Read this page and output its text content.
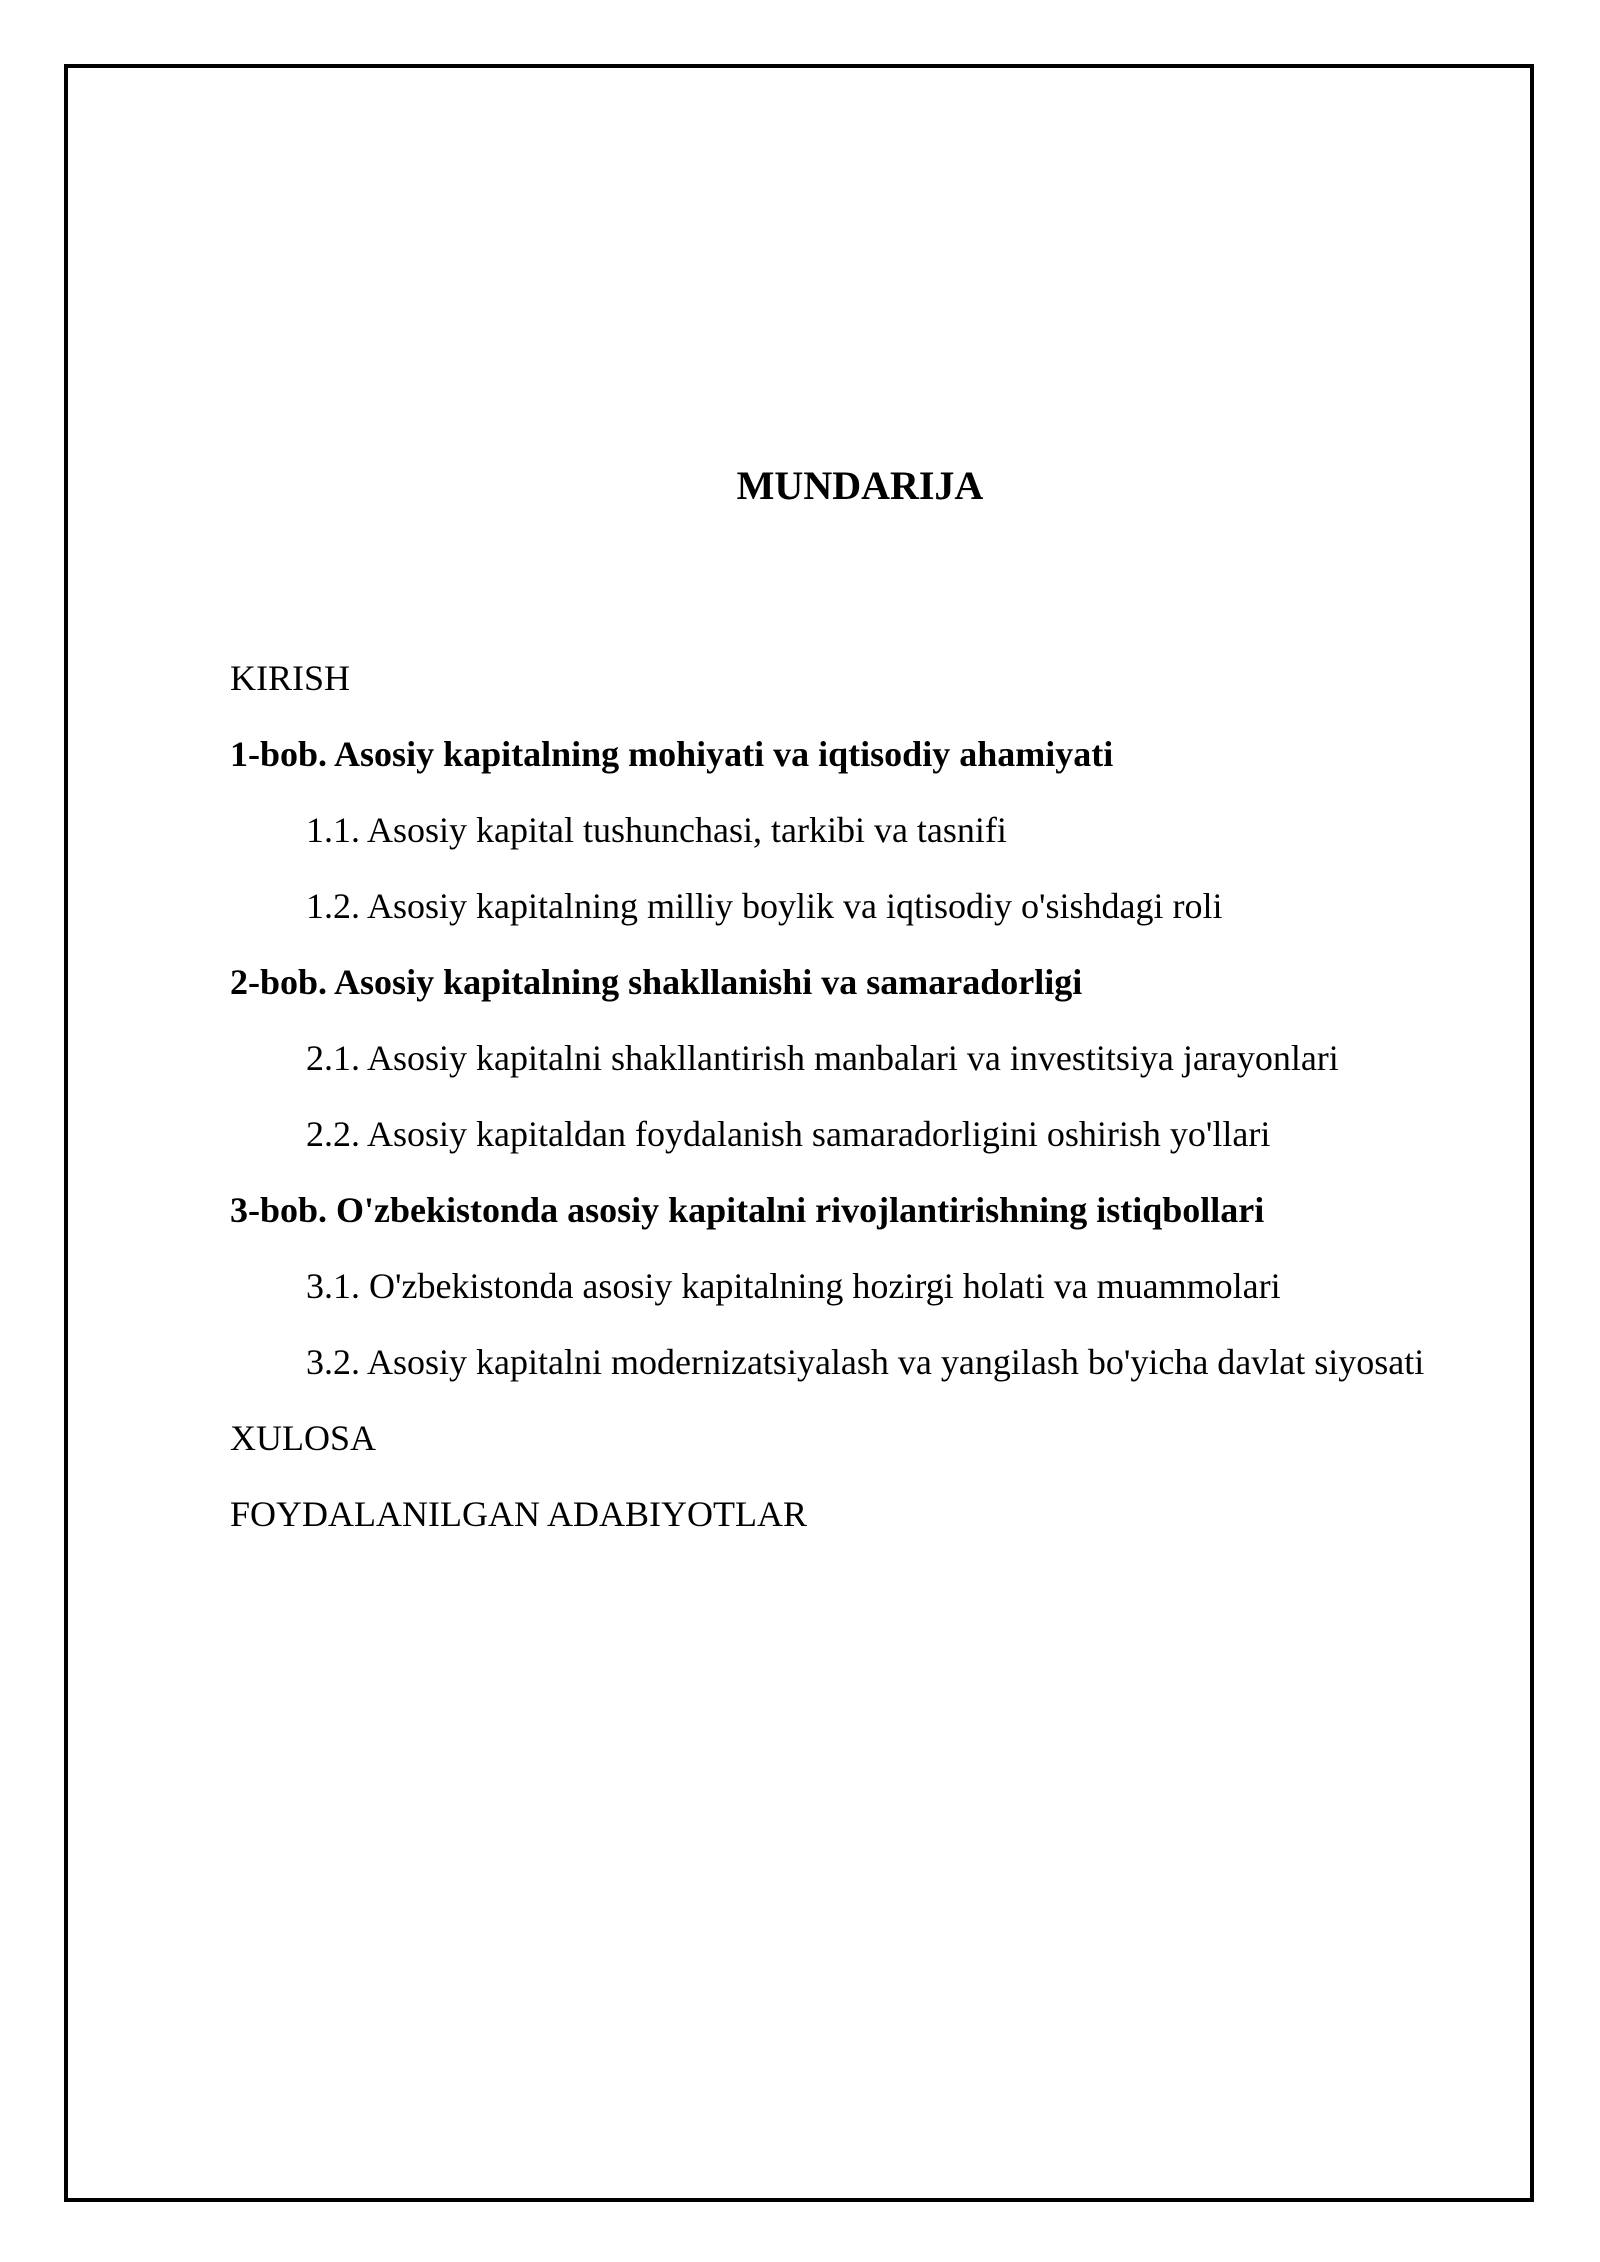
MUNDARIJA
KIRISH
1-bob. Asosiy kapitalning mohiyati va iqtisodiy ahamiyati
1.1. Asosiy kapital tushunchasi, tarkibi va tasnifi
1.2. Asosiy kapitalning milliy boylik va iqtisodiy o'sishdagi roli
2-bob. Asosiy kapitalning shakllanishi va samaradorligi
2.1. Asosiy kapitalni shakllantirish manbalari va investitsiya jarayonlari
2.2. Asosiy kapitaldan foydalanish samaradorligini oshirish yo'llari
3-bob. O'zbekistonda asosiy kapitalni rivojlantirishning istiqbollari
3.1. O'zbekistonda asosiy kapitalning hozirgi holati va muammolari
3.2. Asosiy kapitalni modernizatsiyalash va yangilash bo'yicha davlat siyosati
XULOSA
FOYDALANILGAN ADABIYOTLAR
